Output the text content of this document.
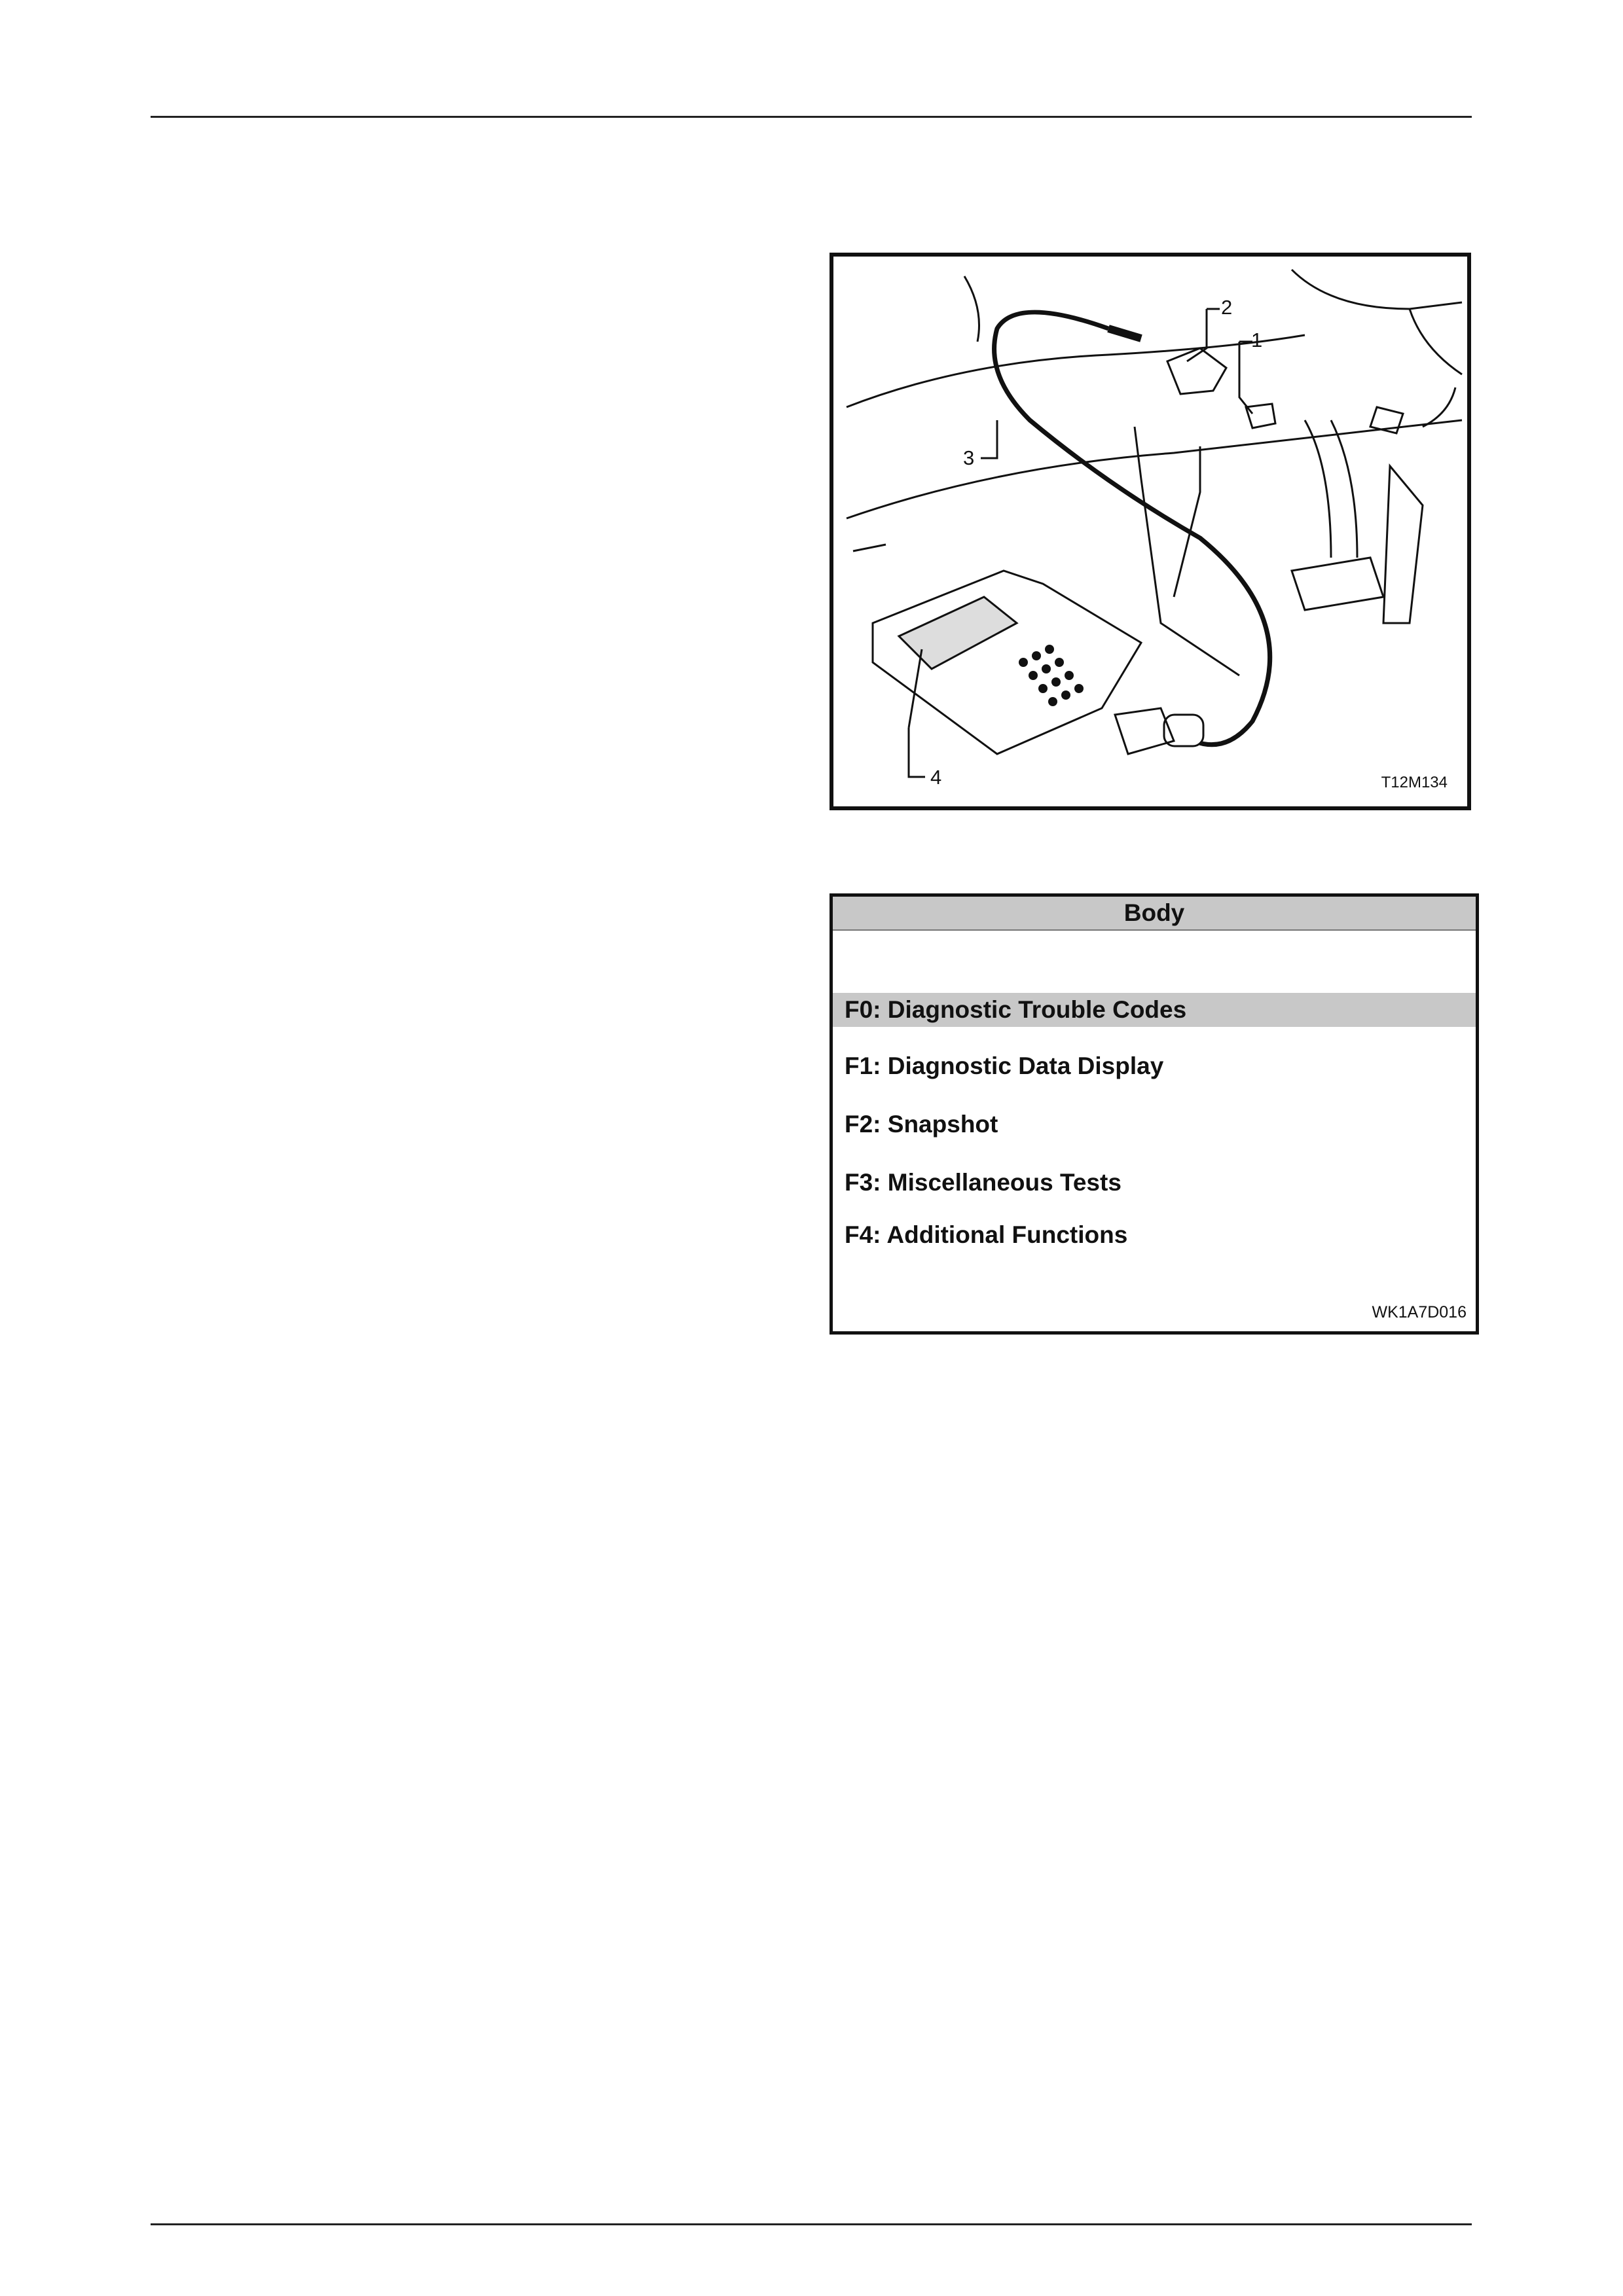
1
2
3
4	T12M134
Body
F0: Diagnostic Trouble Codes
F1: Diagnostic Data Display
F2: Snapshot
F3: Miscellaneous Tests
F4: Additional Functions
WK1A7D016
